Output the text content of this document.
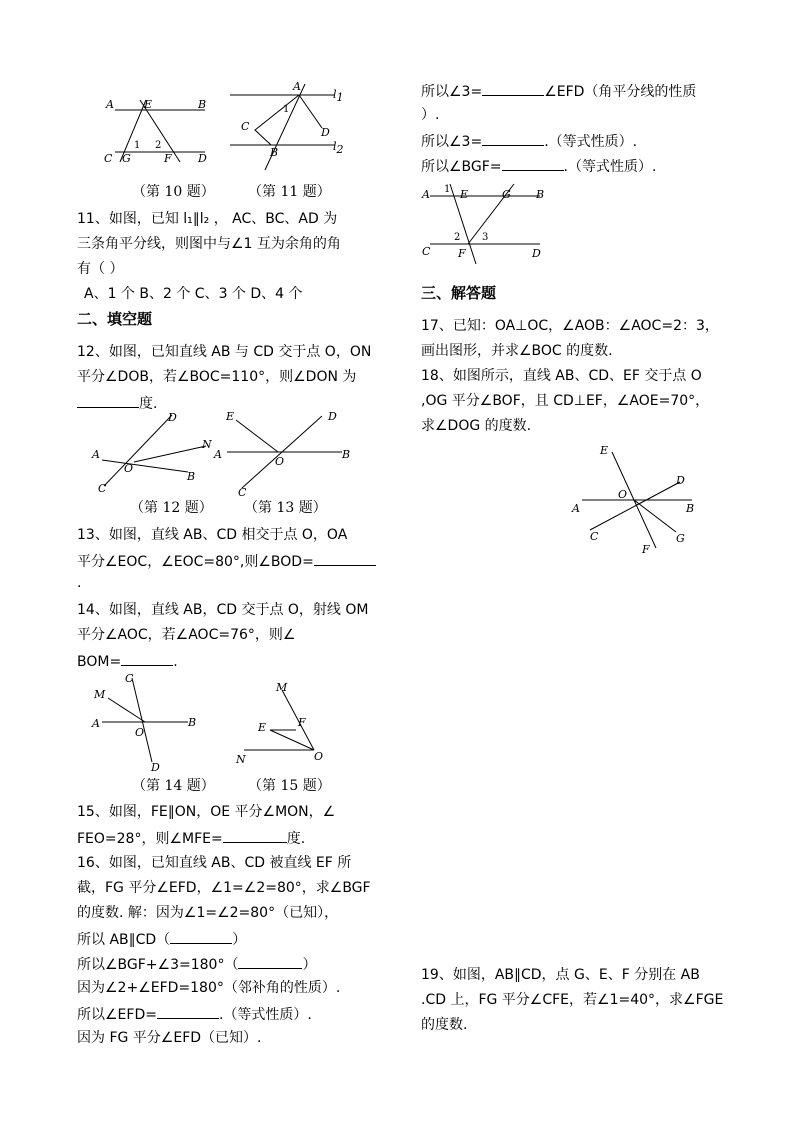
A	E	B
C G	F D
1 2
A
l1
l2
C	D
B
1
（第 10 题） （第 11 题）
11、如图，已知 l₁∥l₂ ， AC、BC、AD 为
三条角平分线，则图中与∠1 互为余角的角
有（ ）
A、1 个 B、2 个 C、3 个 D、4 个
二、填空题
12、如图，已知直线 AB 与 CD 交于点 O，ON
平分∠DOB，若∠BOC=110°，则∠DON 为
度.
D
N
A
O
B
C
E	D
A
O
B
C
（第 12 题） （第 13 题）
13、如图，直线 AB、CD 相交于点 O，OA
平分∠EOC，∠EOC=80°,则∠BOD=
.
14、如图，直线 AB，CD 交于点 O，射线 OM
平分∠AOC，若∠AOC=76°，则∠
BOM=	.
C
M
A	B
O
D
M
E	F
N	O
（第 14 题） （第 15 题）
15、如图，FE∥ON，OE 平分∠MON，∠
FEO=28°，则∠MFE=	度.
16、如图，已知直线 AB、CD 被直线 EF 所
截，FG 平分∠EFD，∠1=∠2=80°，求∠BGF
的度数. 解：因为∠1=∠2=80°（已知），
所以 AB∥CD（	）
所以∠BGF+∠3=180°（	）
因为∠2+∠EFD=180°（邻补角的性质）.
所以∠EFD=	.（等式性质）.
因为 FG 平分∠EFD（已知）.
所以∠3=	∠EFD（角平分线的性质
）.
所以∠3=	.（等式性质）.
所以∠BGF=	.（等式性质）.
A 1 E	G B
2 3
C	F	D
三、解答题
17、已知：OA⊥OC，∠AOB：∠AOC=2：3，
画出图形，并求∠BOC 的度数.
18、如图所示，直线 AB、CD、EF 交于点 O
,OG 平分∠BOF，且 CD⊥EF，∠AOE=70°，
求∠DOG 的度数.
E
D
O
A	B
C	G
F
19、如图，AB∥CD，点 G、E、F 分别在 AB
.CD 上，FG 平分∠CFE，若∠1=40°，求∠FGE
的度数.
